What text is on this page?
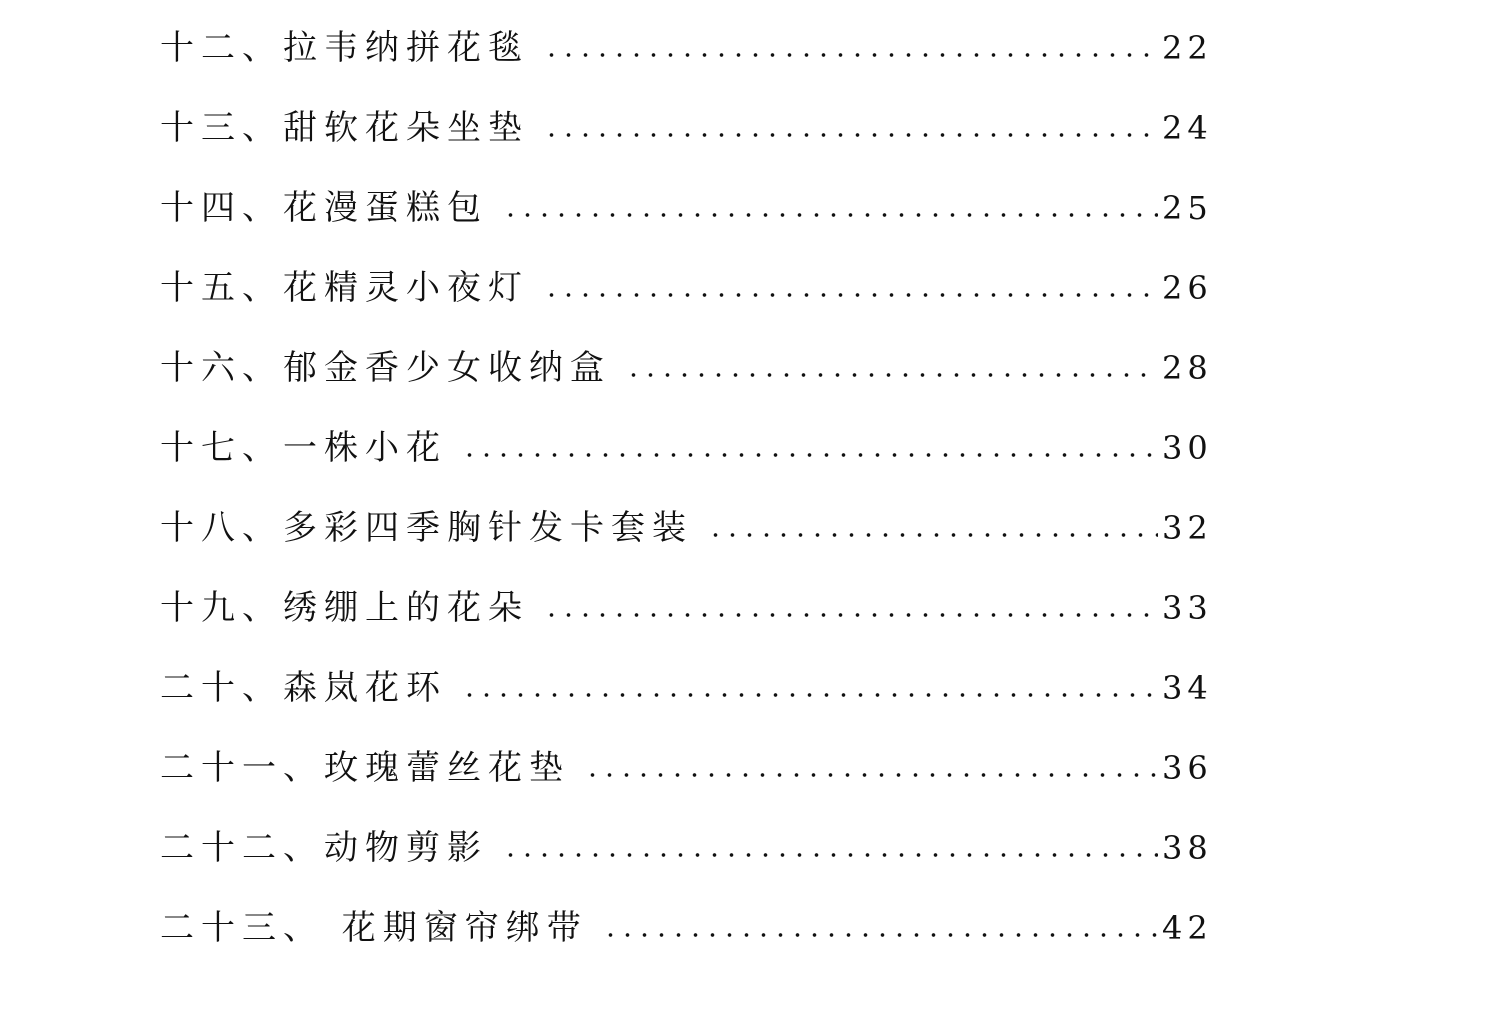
十二、拉韦纳拼花毯	22
十三、甜软花朵坐垫	24
十四、花漫蛋糕包	25
十五、花精灵小夜灯	26
十六、郁金香少女收纳盒	28
十七、一株小花	30
十八、多彩四季胸针发卡套装	32
十九、绣绷上的花朵	33
二十、森岚花环	34
二十一、玫瑰蕾丝花垫	36
二十二、动物剪影	38
二十三、 花期窗帘绑带	42
